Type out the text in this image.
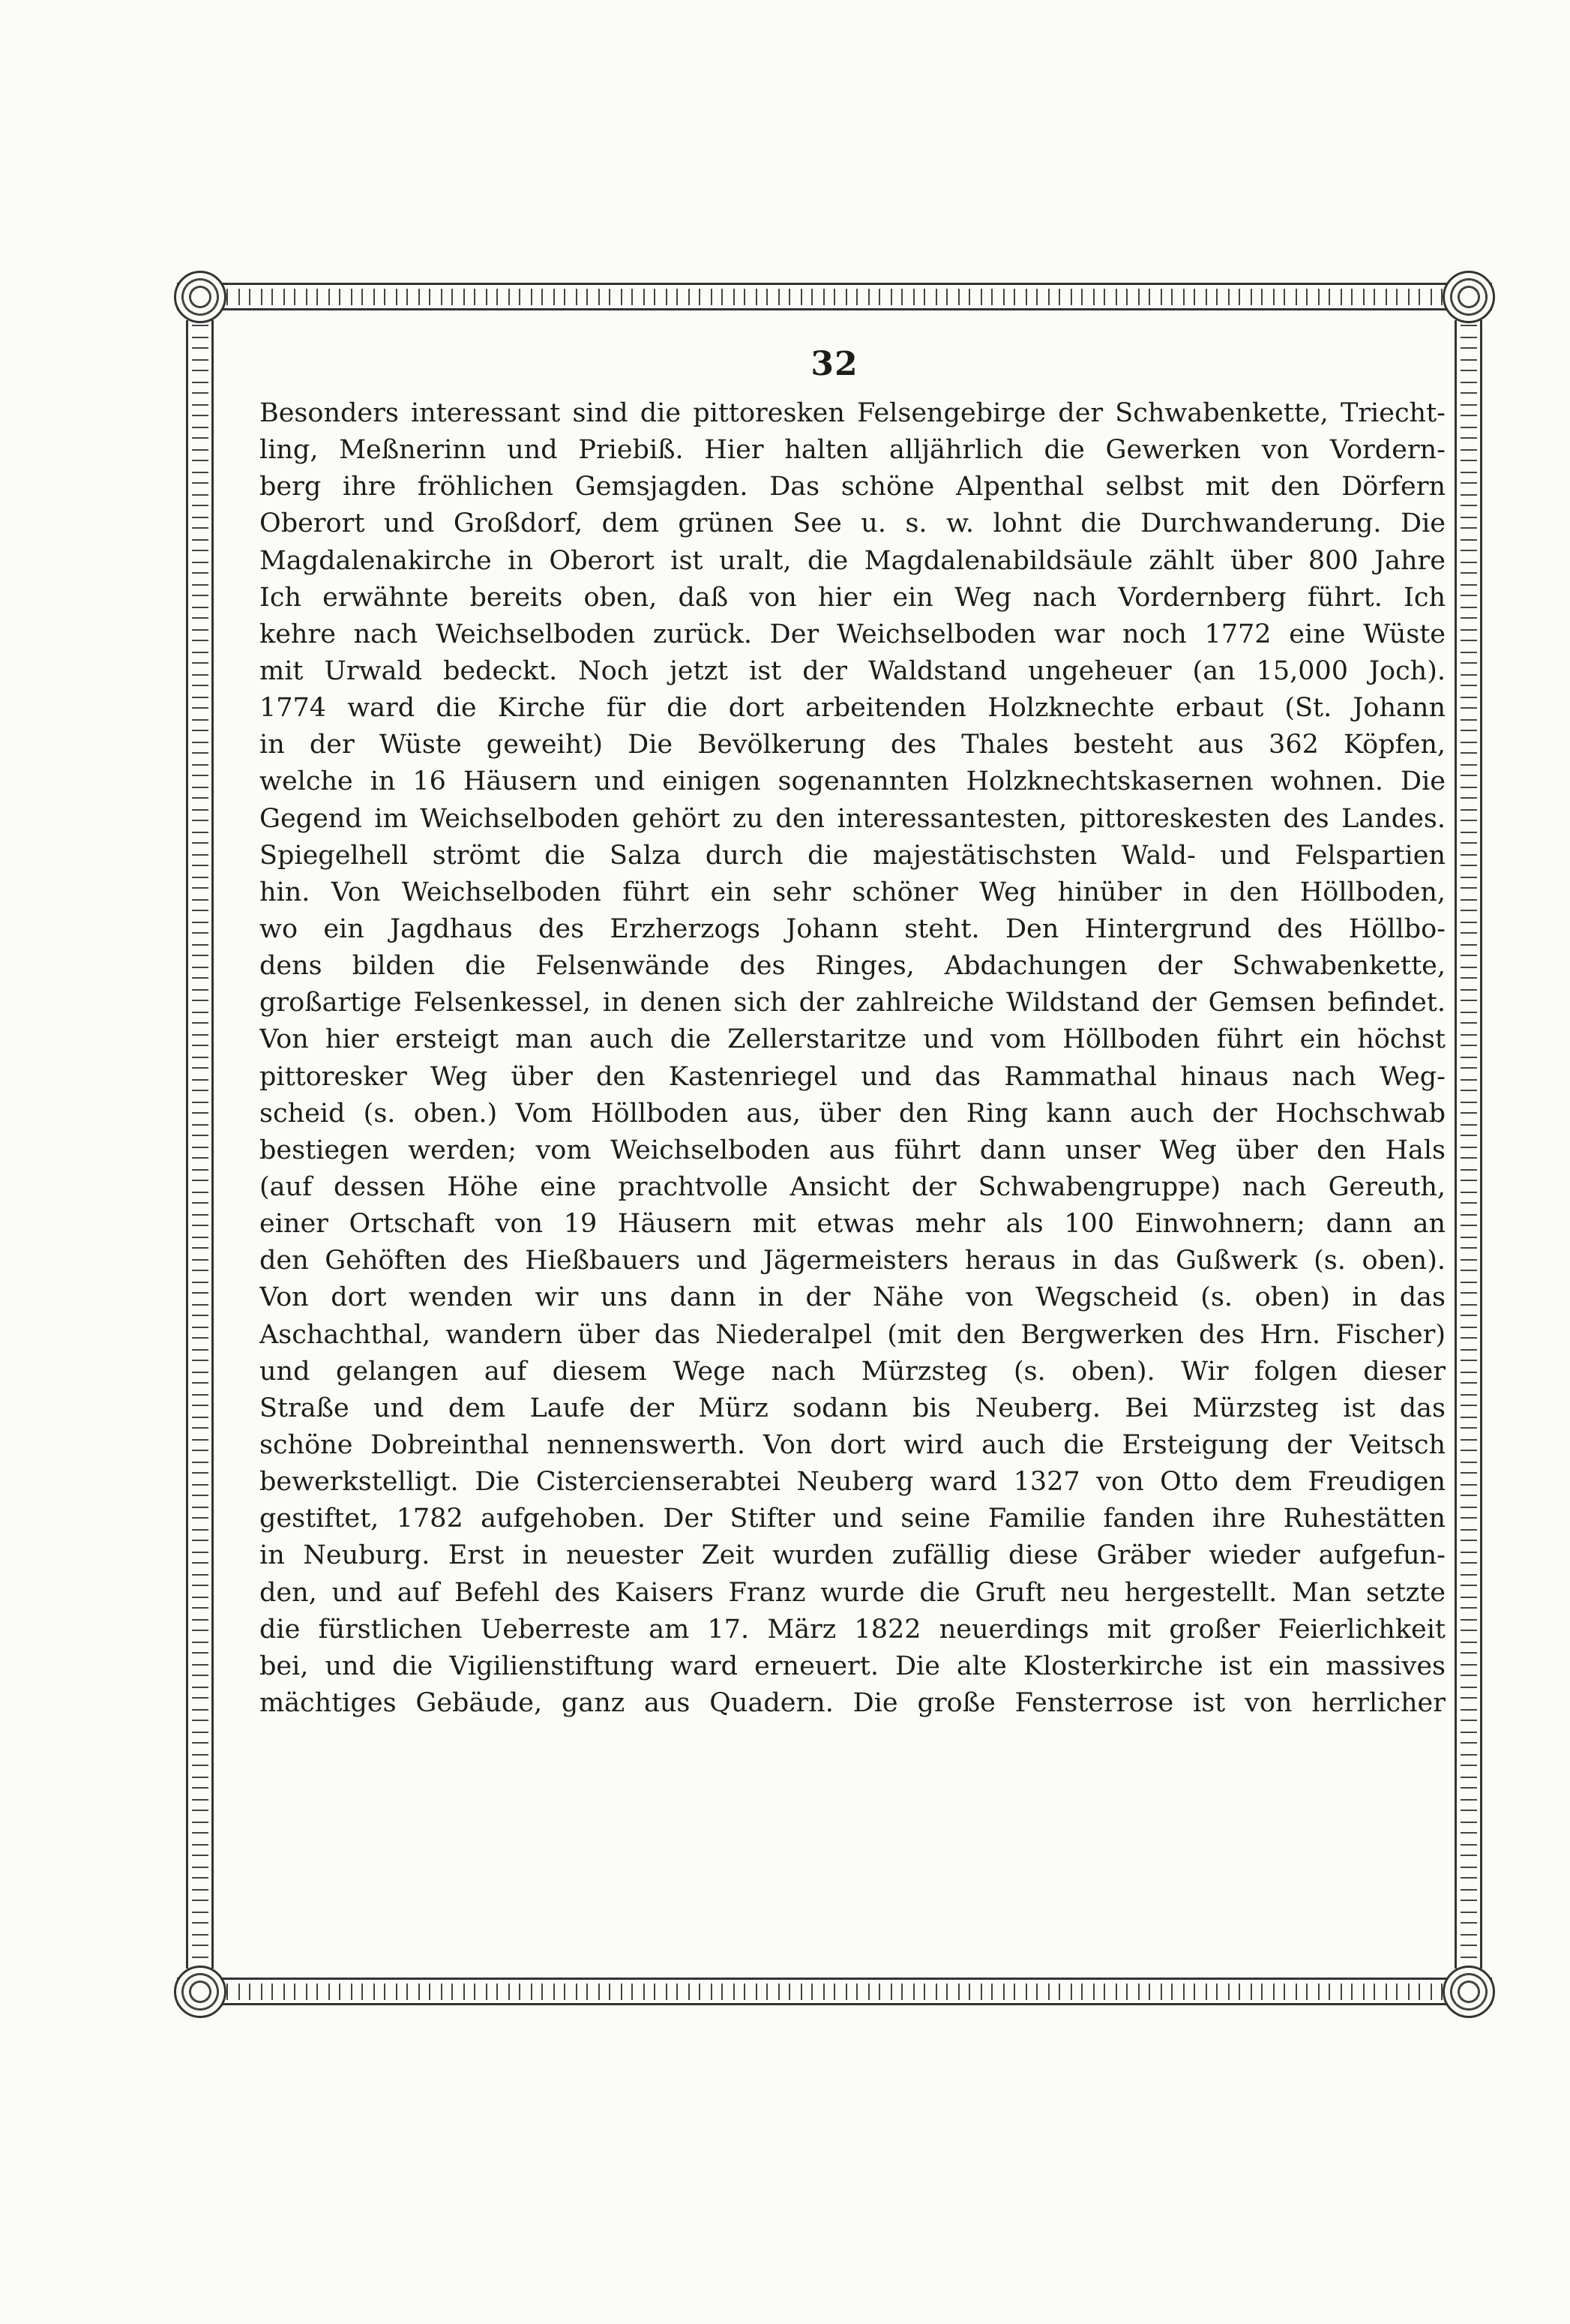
32
Besonders interessant sind die pittoresken Felsengebirge der Schwabenkette, Triecht-
ling, Meßnerinn und Priebiß. Hier halten alljährlich die Gewerken von Vordern-
berg ihre fröhlichen Gemsjagden. Das schöne Alpenthal selbst mit den Dörfern
Oberort und Großdorf, dem grünen See u. s. w. lohnt die Durchwanderung. Die
Magdalenakirche in Oberort ist uralt, die Magdalenabildsäule zählt über 800 Jahre
Ich erwähnte bereits oben, daß von hier ein Weg nach Vordernberg führt. Ich
kehre nach Weichselboden zurück. Der Weichselboden war noch 1772 eine Wüste
mit Urwald bedeckt. Noch jetzt ist der Waldstand ungeheuer (an 15,000 Joch).
1774 ward die Kirche für die dort arbeitenden Holzknechte erbaut (St. Johann
in der Wüste geweiht) Die Bevölkerung des Thales besteht aus 362 Köpfen,
welche in 16 Häusern und einigen sogenannten Holzknechtskasernen wohnen. Die
Gegend im Weichselboden gehört zu den interessantesten, pittoreskesten des Landes.
Spiegelhell strömt die Salza durch die majestätischsten Wald- und Felspartien
hin. Von Weichselboden führt ein sehr schöner Weg hinüber in den Höllboden,
wo ein Jagdhaus des Erzherzogs Johann steht. Den Hintergrund des Höllbo-
dens bilden die Felsenwände des Ringes, Abdachungen der Schwabenkette,
großartige Felsenkessel, in denen sich der zahlreiche Wildstand der Gemsen befindet.
Von hier ersteigt man auch die Zellerstaritze und vom Höllboden führt ein höchst
pittoresker Weg über den Kastenriegel und das Rammathal hinaus nach Weg-
scheid (s. oben.) Vom Höllboden aus, über den Ring kann auch der Hochschwab
bestiegen werden; vom Weichselboden aus führt dann unser Weg über den Hals
(auf dessen Höhe eine prachtvolle Ansicht der Schwabengruppe) nach Gereuth,
einer Ortschaft von 19 Häusern mit etwas mehr als 100 Einwohnern; dann an
den Gehöften des Hießbauers und Jägermeisters heraus in das Gußwerk (s. oben).
Von dort wenden wir uns dann in der Nähe von Wegscheid (s. oben) in das
Aschachthal, wandern über das Niederalpel (mit den Bergwerken des Hrn. Fischer)
und gelangen auf diesem Wege nach Mürzsteg (s. oben). Wir folgen dieser
Straße und dem Laufe der Mürz sodann bis Neuberg. Bei Mürzsteg ist das
schöne Dobreinthal nennenswerth. Von dort wird auch die Ersteigung der Veitsch
bewerkstelligt. Die Cistercienserabtei Neuberg ward 1327 von Otto dem Freudigen
gestiftet, 1782 aufgehoben. Der Stifter und seine Familie fanden ihre Ruhestätten
in Neuburg. Erst in neuester Zeit wurden zufällig diese Gräber wieder aufgefun-
den, und auf Befehl des Kaisers Franz wurde die Gruft neu hergestellt. Man setzte
die fürstlichen Ueberreste am 17. März 1822 neuerdings mit großer Feierlichkeit
bei, und die Vigilienstiftung ward erneuert. Die alte Klosterkirche ist ein massives
mächtiges Gebäude, ganz aus Quadern. Die große Fensterrose ist von herrlicher
